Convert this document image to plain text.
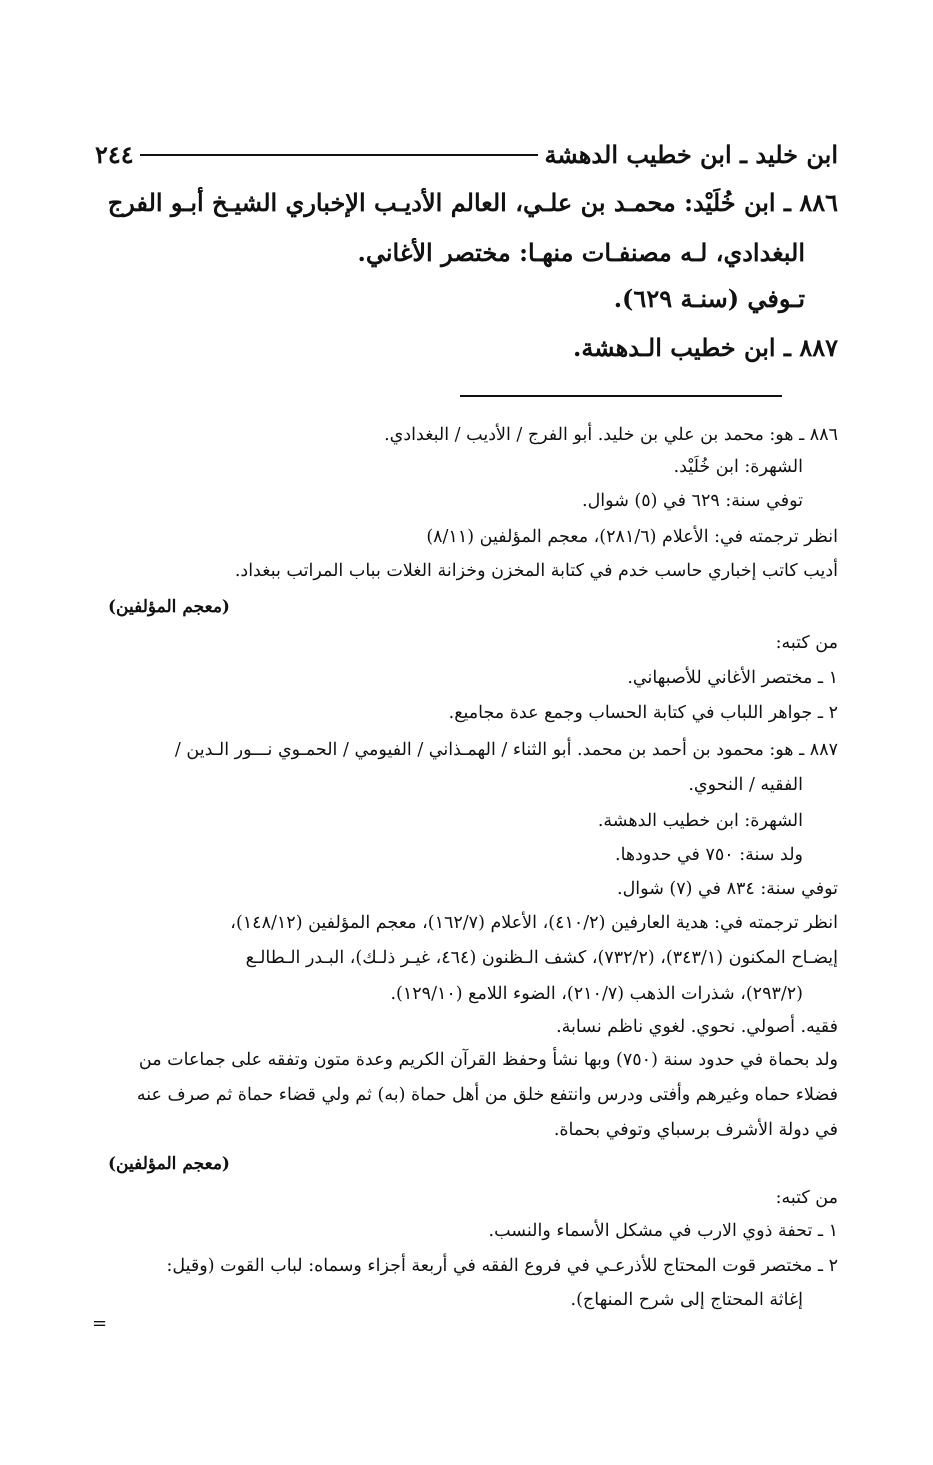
ابن خليد ـ ابن خطيب الدهشة
٢٤٤
٨٨٦ ـ ابن خُلَيْد: محمـد بن علـي، العالم الأديـب الإخباري الشيـخ أبـو الفرج
البغدادي، لـه مصنفـات منهـا: مختصر الأغاني.
تـوفي (سنـة ٦٢٩).
٨٨٧ ـ ابن خطيب الـدهشة.
٨٨٦ ـ هو: محمد بن علي بن خليد. أبو الفرج / الأديب / البغدادي.
الشهرة: ابن خُلَيْد.
توفي سنة: ٦٢٩ في (٥) شوال.
انظر ترجمته في: الأعلام (٢٨١/٦)، معجم المؤلفين (٨/١١)
أديب كاتب إخباري حاسب خدم في كتابة المخزن وخزانة الغلات بباب المراتب ببغداد.
(معجم المؤلفين)
من كتبه:
١ ـ مختصر الأغاني للأصبهاني.
٢ ـ جواهر اللباب في كتابة الحساب وجمع عدة مجاميع.
٨٨٧ ـ هو: محمود بن أحمد بن محمد. أبو الثناء / الهمـذاني / الفيومي / الحمـوي نـــور الـدين /
الفقيه / النحوي.
الشهرة: ابن خطيب الدهشة.
ولد سنة: ٧٥٠ في حدودها.
توفي سنة: ٨٣٤ في (٧) شوال.
انظر ترجمته في: هدية العارفين (٤١٠/٢)، الأعلام (١٦٢/٧)، معجم المؤلفين (١٤٨/١٢)،
إيضـاح المكنون (٣٤٣/١)، (٧٣٢/٢)، كشف الـظنون (٤٦٤، غيـر ذلـك)، البـدر الـطالـع
(٢٩٣/٢)، شذرات الذهب (٢١٠/٧)، الضوء اللامع (١٢٩/١٠).
فقيه. أصولي. نحوي. لغوي ناظم نسابة.
ولد بحماة في حدود سنة (٧٥٠) وبها نشأ وحفظ القرآن الكريم وعدة متون وتفقه على جماعات من
فضلاء حماه وغيرهم وأفتى ودرس وانتفع خلق من أهل حماة (به) ثم ولي قضاء حماة ثم صرف عنه
في دولة الأشرف برسباي وتوفي بحماة.
(معجم المؤلفين)
من كتبه:
١ ـ تحفة ذوي الارب في مشكل الأسماء والنسب.
٢ ـ مختصر قوت المحتاج للأذرعـي في فروع الفقه في أربعة أجزاء وسماه: لباب القوت (وقيل:
إغاثة المحتاج إلى شرح المنهاج).
=
